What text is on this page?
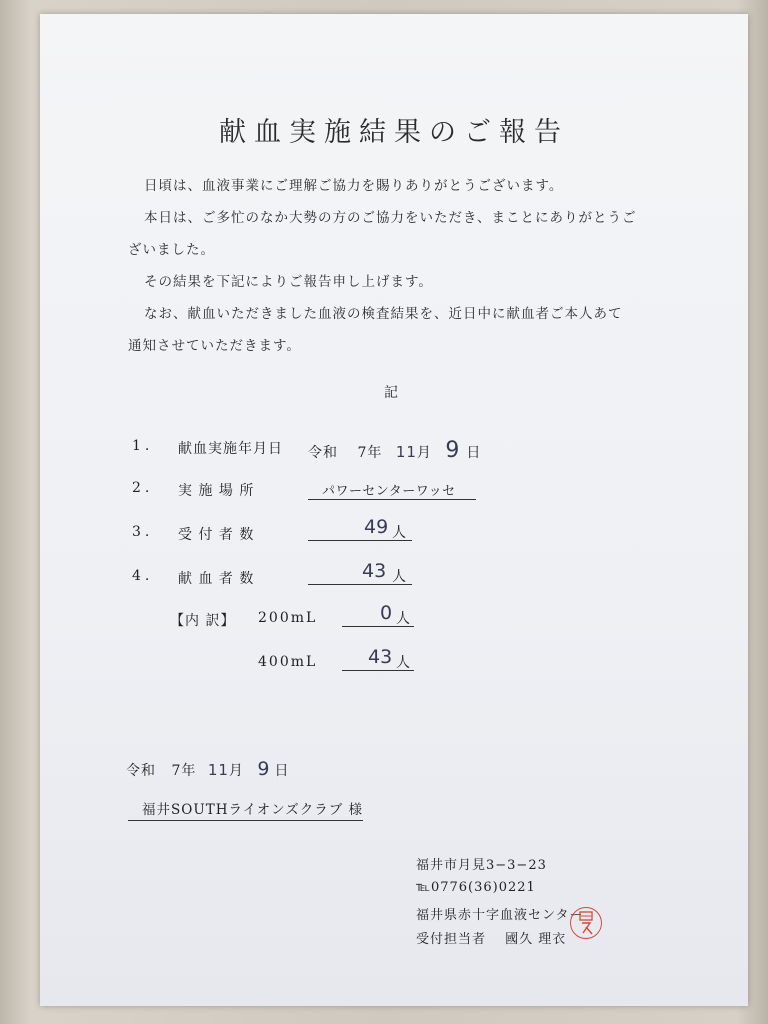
献血実施結果のご報告
日頃は、血液事業にご理解ご協力を賜りありがとうございます。
本日は、ご多忙のなか大勢の方のご協力をいただき、まことにありがとうご
ざいました。
その結果を下記によりご報告申し上げます。
なお、献血いただきました血液の検査結果を、近日中に献血者ご本人あて
通知させていただきます。
記
1. 献血実施年月日 令和 7年 11月 9 日
2. 実 施 場 所	パワーセンターワッセ
3. 受 付 者 数	49 人
4. 献 血 者 数	43 人
【内 訳】 200mL	0 人
400mL	43 人
令和 7年 11月 9 日
福井SOUTHライオンズクラブ 様
福井市月見3−3−23
℡0776(36)0221
福井県赤十字血液センター
受付担当者 國久 理衣
